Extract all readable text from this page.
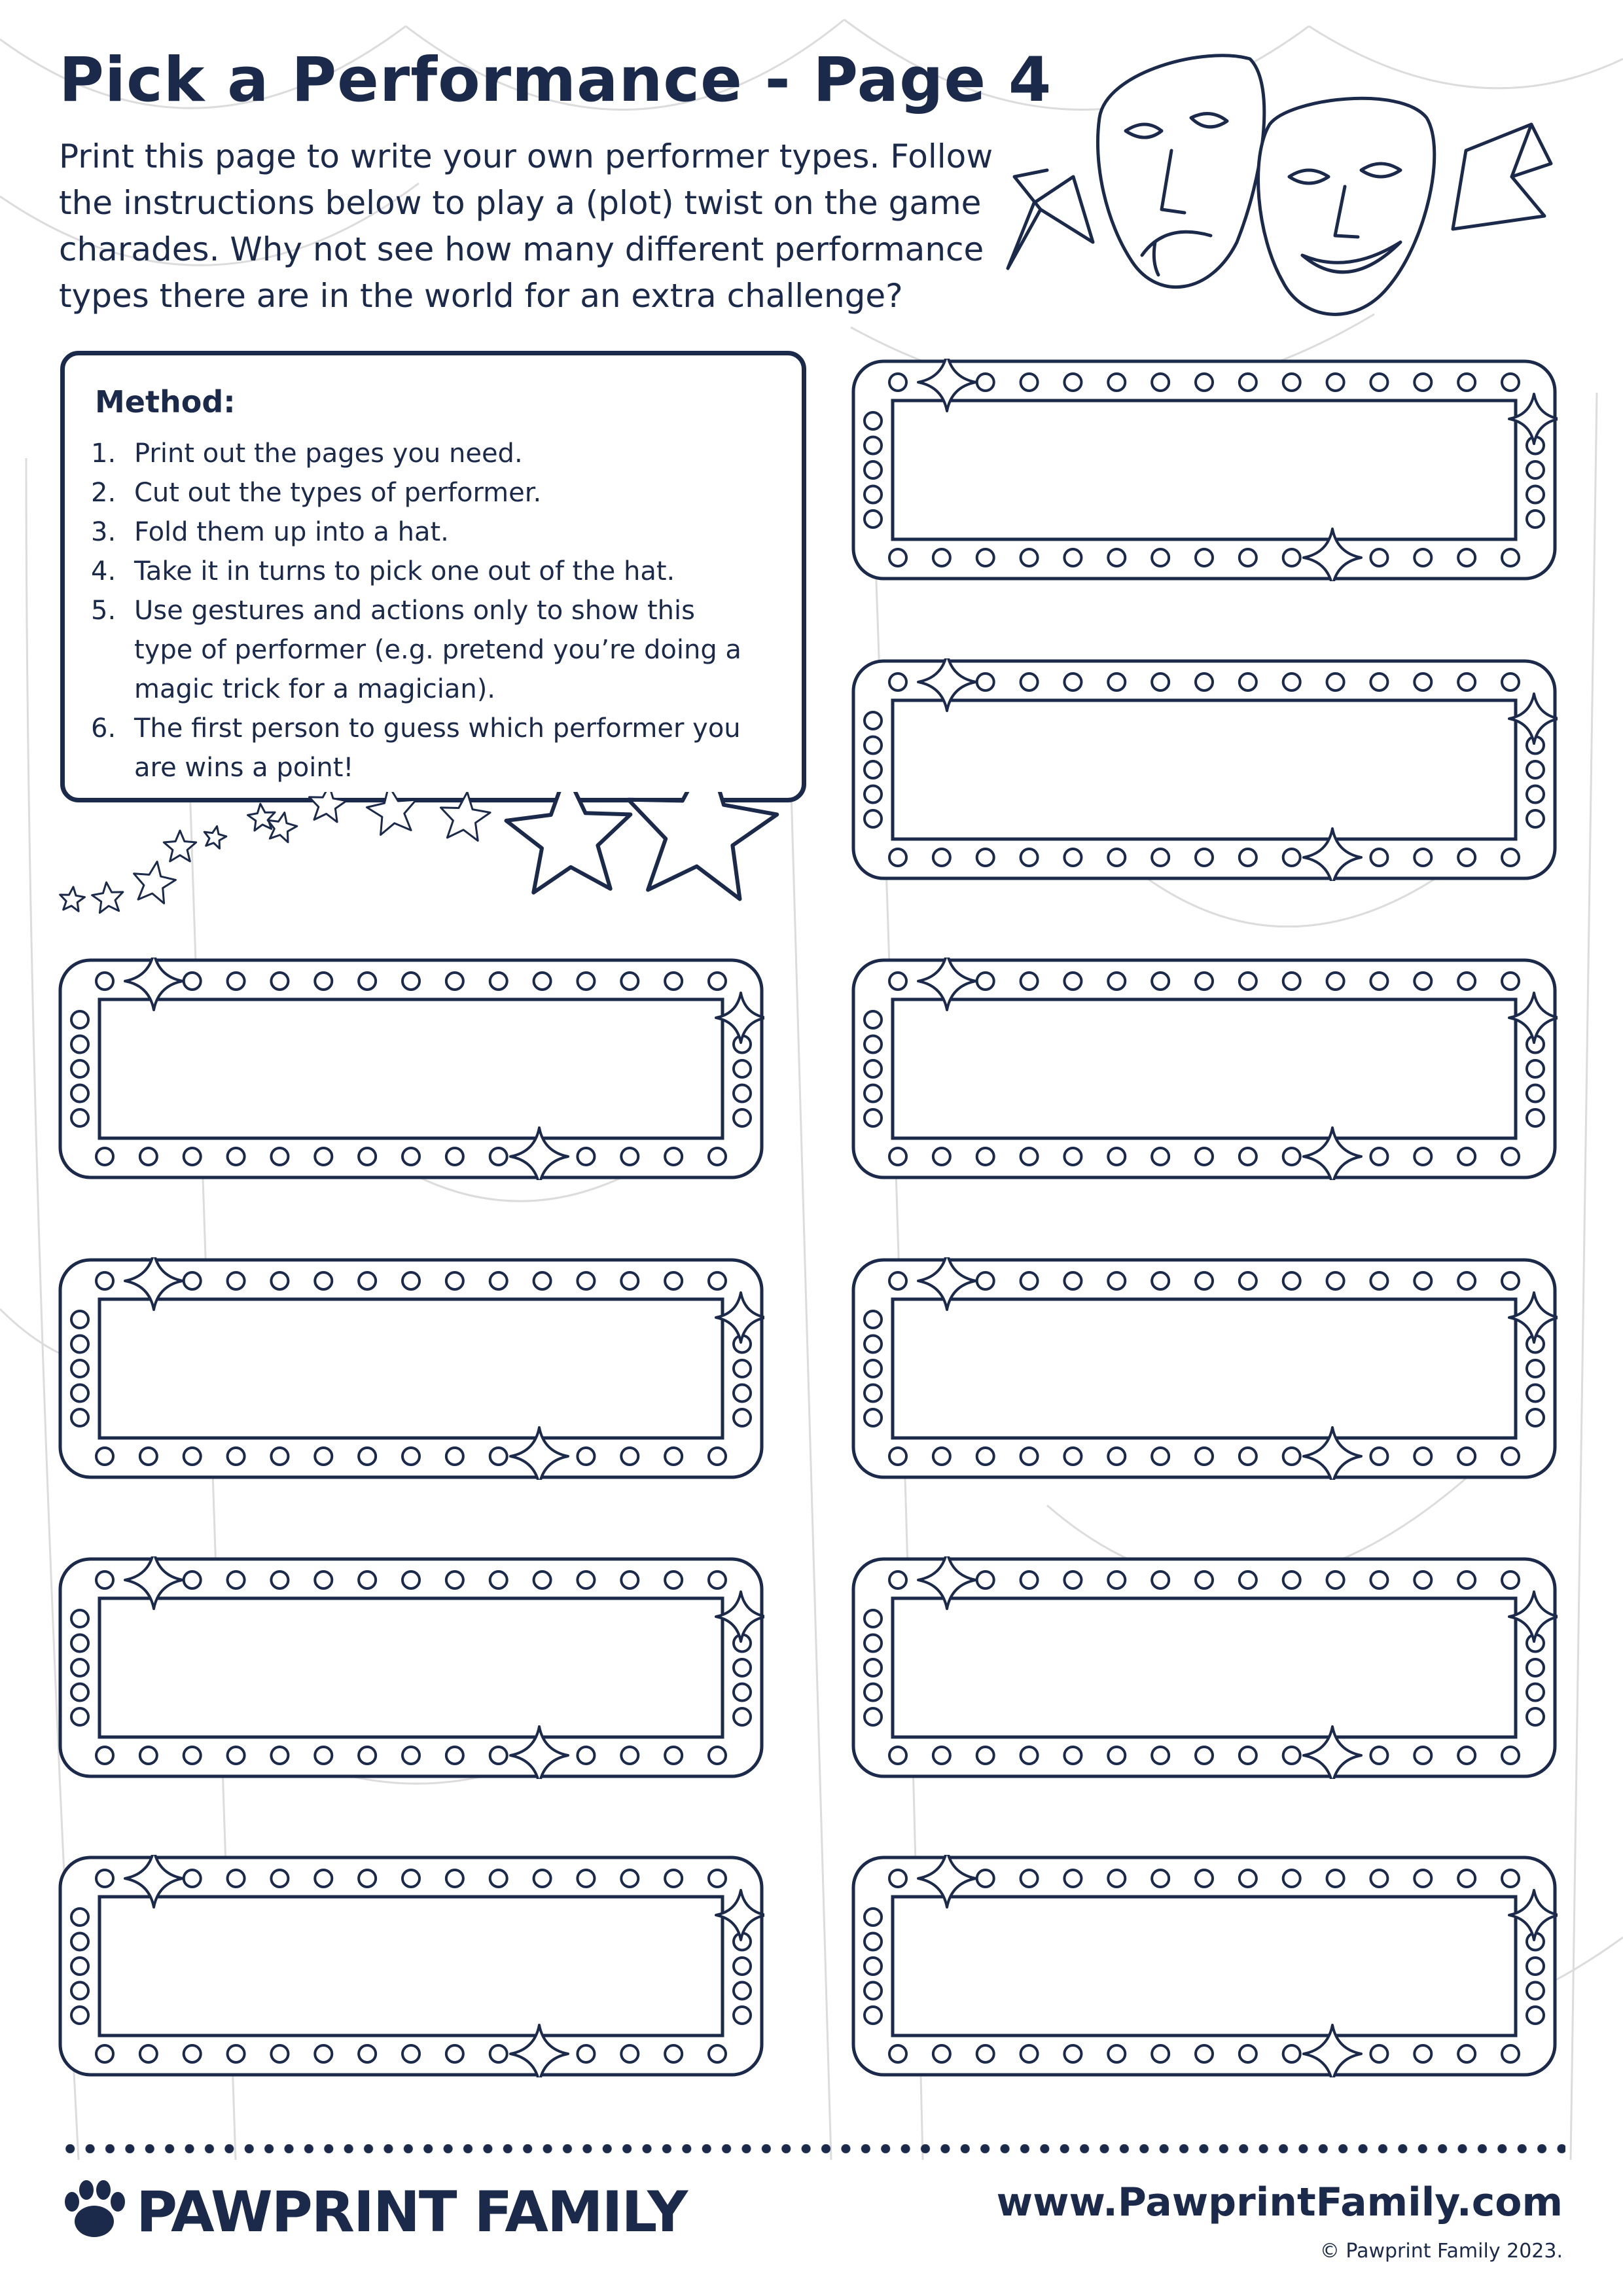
Pick a Performance - Page 4
Print this page to write your own performer types. Follow
the instructions below to play a (plot) twist on the game
charades. Why not see how many different performance
types there are in the world for an extra challenge?
Method:
1. Print out the pages you need.
2. Cut out the types of performer.
3. Fold them up into a hat.
4. Take it in turns to pick one out of the hat.
5. Use gestures and actions only to show this
type of performer (e.g. pretend you’re doing a
magic trick for a magician).
6. The first person to guess which performer you
are wins a point!
PAWPRINT FAMILY	www.PawprintFamily.com
© Pawprint Family 2023.
